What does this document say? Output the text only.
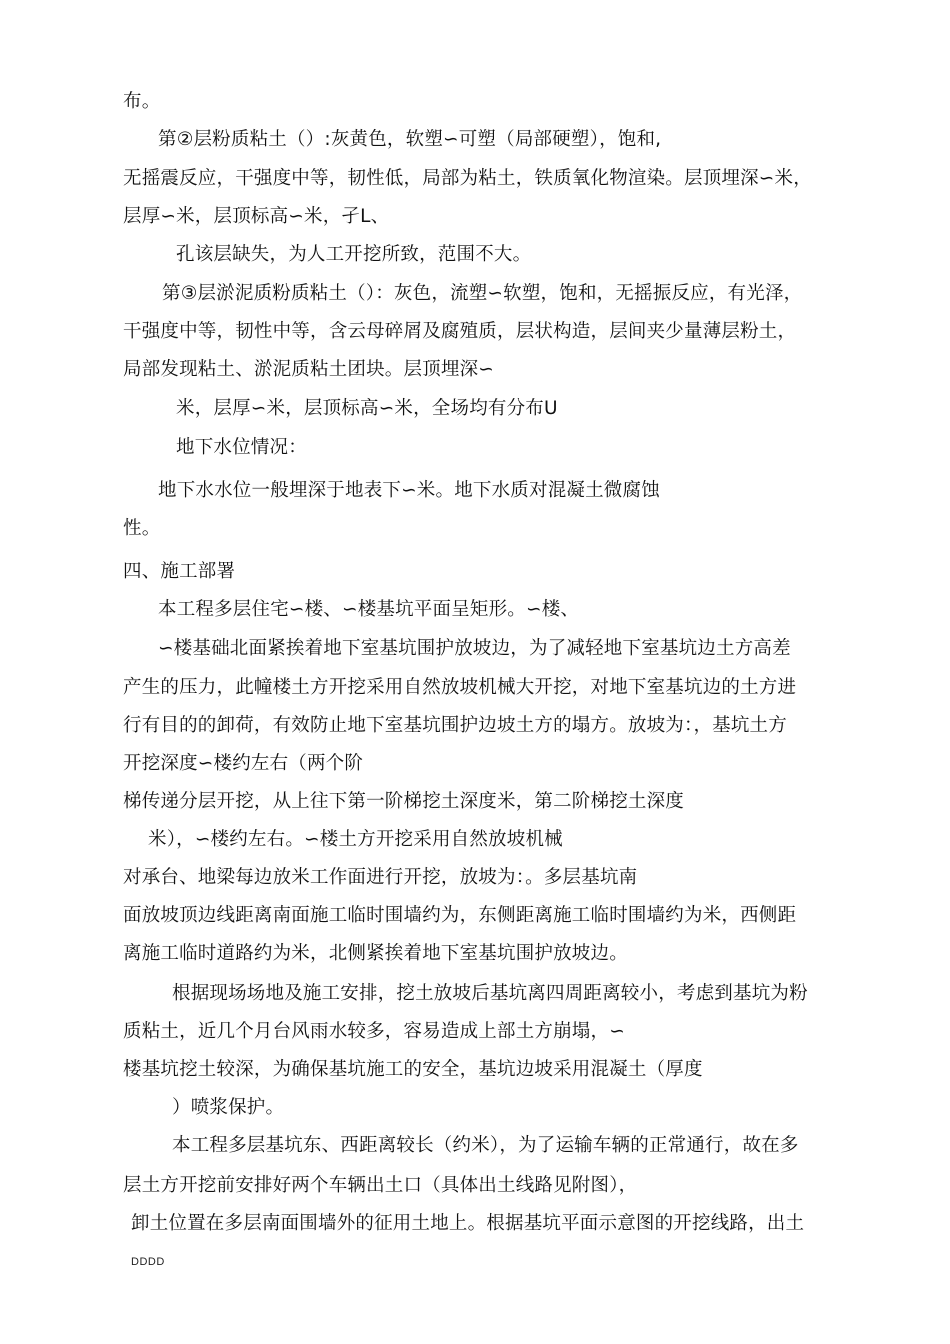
布。
第②层粉质粘土（）:灰黄色，软塑∽可塑（局部硬塑），饱和,
无摇震反应，干强度中等，韧性低，局部为粘土，铁质氧化物渲染。层顶埋深∽米，
层厚∽米，层顶标高∽米，孑L、
孔该层缺失，为人工开挖所致，范围不大。
第③层淤泥质粉质粘土（）：灰色，流塑∽软塑，饱和，无摇振反应，有光泽，
干强度中等，韧性中等，含云母碎屑及腐殖质，层状构造，层间夹少量薄层粉土，
局部发现粘土、淤泥质粘土团块。层顶埋深∽
米，层厚∽米，层顶标高∽米，全场均有分布U
地下水位情况：
地下水水位一般埋深于地表下∽米。地下水质对混凝土微腐蚀
性。
四、施工部署
本工程多层住宅∽楼、∽楼基坑平面呈矩形。∽楼、
∽楼基础北面紧挨着地下室基坑围护放坡边，为了减轻地下室基坑边土方高差
产生的压力，此幢楼土方开挖采用自然放坡机械大开挖，对地下室基坑边的土方进
行有目的的卸荷，有效防止地下室基坑围护边坡土方的塌方。放坡为：，基坑土方
开挖深度∽楼约左右（两个阶
梯传递分层开挖，从上往下第一阶梯挖土深度米，第二阶梯挖土深度
米），∽楼约左右。∽楼土方开挖采用自然放坡机械
对承台、地梁每边放米工作面进行开挖，放坡为：。多层基坑南
面放坡顶边线距离南面施工临时围墙约为，东侧距离施工临时围墙约为米，西侧距
离施工临时道路约为米，北侧紧挨着地下室基坑围护放坡边。
根据现场场地及施工安排，挖土放坡后基坑离四周距离较小，考虑到基坑为粉
质粘土，近几个月台风雨水较多，容易造成上部土方崩塌，∽
楼基坑挖土较深，为确保基坑施工的安全，基坑边坡采用混凝土（厚度
）喷浆保护。
本工程多层基坑东、西距离较长（约米），为了运输车辆的正常通行，故在多
层土方开挖前安排好两个车辆出土口（具体出土线路见附图），
卸土位置在多层南面围墙外的征用土地上。根据基坑平面示意图的开挖线路，出土
DDDD
